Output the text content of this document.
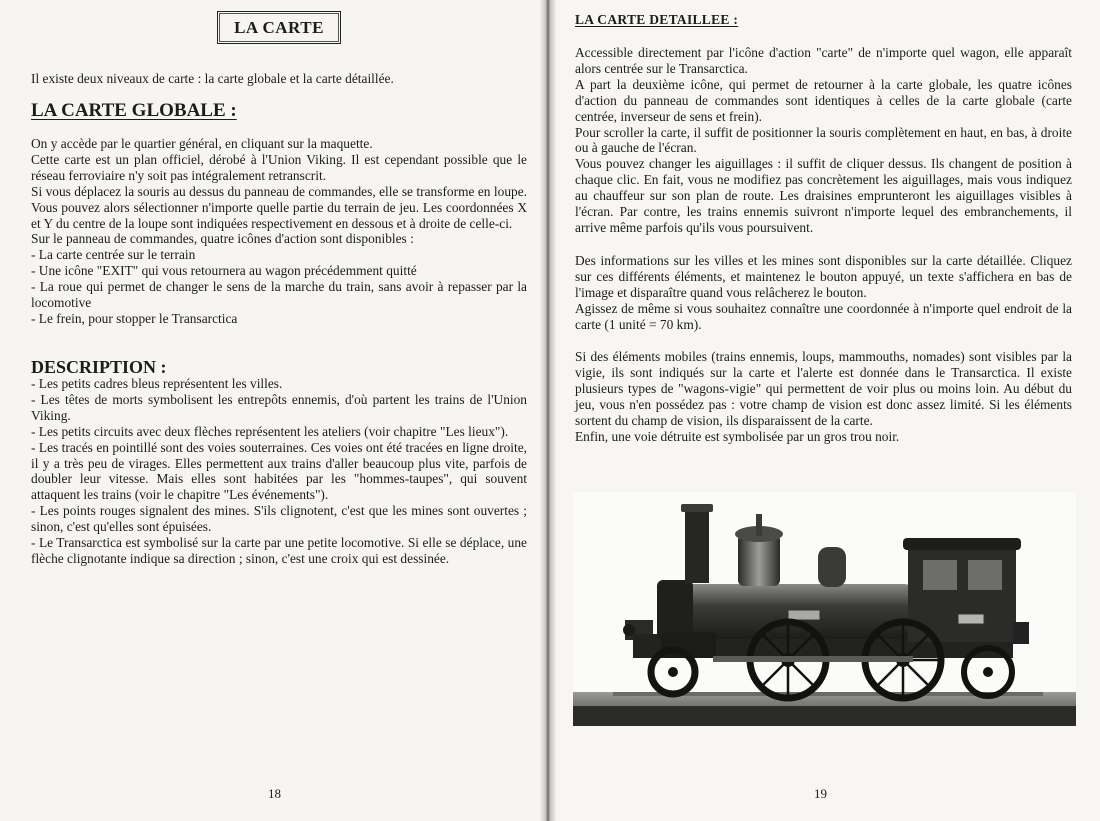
LA CARTE

Il existe deux niveaux de carte : la carte globale et la carte détaillée.

LA CARTE GLOBALE :

On y accède par le quartier général, en cliquant sur la maquette.

Cette carte est un plan officiel, dérobé à l'Union Viking. Il est cependant possible que le réseau ferroviaire n'y soit pas intégralement retranscrit.

Si vous déplacez la souris au dessus du panneau de commandes, elle se transforme en loupe. Vous pouvez alors sélectionner n'importe quelle partie du terrain de jeu. Les coordonnées X et Y du centre de la loupe sont indiquées respectivement en dessous et à droite de celle-ci.

Sur le panneau de commandes, quatre icônes d'action sont disponibles :

- La carte centrée sur le terrain

- Une icône "EXIT" qui vous retournera au wagon précédemment quitté

- La roue qui permet de changer le sens de la marche du train, sans avoir à repasser par la locomotive

- Le frein, pour stopper le Transarctica

DESCRIPTION :

- Les petits cadres bleus représentent les villes.

- Les têtes de morts symbolisent les entrepôts ennemis, d'où partent les trains de l'Union Viking.

- Les petits circuits avec deux flèches représentent les ateliers (voir chapitre "Les lieux").

- Les tracés en pointillé sont des voies souterraines. Ces voies ont été tracées en ligne droite, il y a très peu de virages. Elles permettent aux trains d'aller beaucoup plus vite, parfois de doubler leur vitesse. Mais elles sont habitées par les "hommes-taupes", qui souvent attaquent les trains (voir le chapitre "Les événements").

- Les points rouges signalent des mines. S'ils clignotent, c'est que les mines sont ouvertes ; sinon, c'est qu'elles sont épuisées.

- Le Transarctica est symbolisé sur la carte par une petite locomotive. Si elle se déplace, une flèche clignotante indique sa direction ; sinon, c'est une croix qui est dessinée.

18
LA CARTE DETAILLEE :

Accessible directement par l'icône d'action "carte" de n'importe quel wagon, elle apparaît alors centrée sur le Transarctica.

A part la deuxième icône, qui permet de retourner à la carte globale, les quatre icônes d'action du panneau de commandes sont identiques à celles de la carte globale (carte centrée, inverseur de sens et frein).

Pour scroller la carte, il suffit de positionner la souris complètement en haut, en bas, à droite ou à gauche de l'écran.

Vous pouvez changer les aiguillages : il suffit de cliquer dessus. Ils changent de position à chaque clic. En fait, vous ne modifiez pas concrètement les aiguillages, mais vous indiquez au chauffeur sur son plan de route. Les draisines emprunteront les aiguillages visibles à l'écran. Par contre, les trains ennemis suivront n'importe lequel des embranchements, il arrive même parfois qu'ils vous poursuivent.

Des informations sur les villes et les mines sont disponibles sur la carte détaillée. Cliquez sur ces différents éléments, et maintenez le bouton appuyé, un texte s'affichera en bas de l'image et disparaître quand vous relâcherez le bouton.

Agissez de même si vous souhaitez connaître une coordonnée à n'importe quel endroit de la carte (1 unité = 70 km).

Si des éléments mobiles (trains ennemis, loups, mammouths, nomades) sont visibles par la vigie, ils sont indiqués sur la carte et l'alerte est donnée dans le Transarctica. Il existe plusieurs types de "wagons-vigie" qui permettent de voir plus ou moins loin. Au début du jeu, vous n'en possédez pas : votre champ de vision est donc assez limité. Si les éléments sortent du champ de vision, ils disparaissent de la carte.

Enfin, une voie détruite est symbolisée par un gros trou noir.

19
